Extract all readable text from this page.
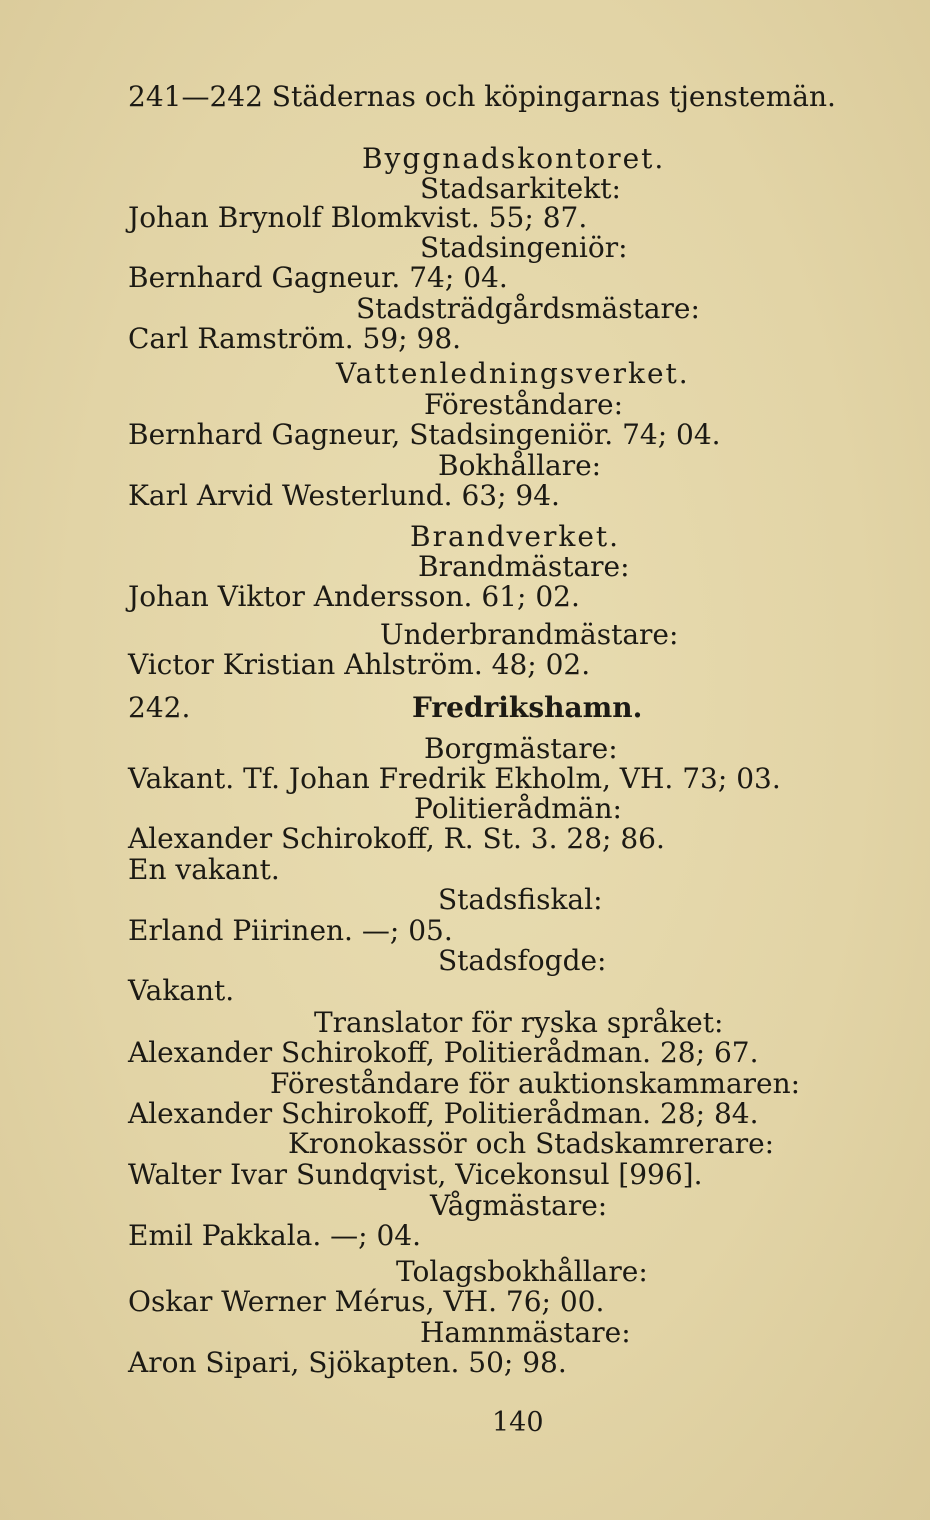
241—242 Städernas och köpingarnas tjenstemän.
Byggnadskontoret.
Stadsarkitekt:
Johan Brynolf Blomkvist. 55; 87.
Stadsingeniör:
Bernhard Gagneur. 74; 04.
Stadsträdgårdsmästare:
Carl Ramström. 59; 98.
Vattenledningsverket.
Föreståndare:
Bernhard Gagneur, Stadsingeniör. 74; 04.
Bokhållare:
Karl Arvid Westerlund. 63; 94.
Brandverket.
Brandmästare:
Johan Viktor Andersson. 61; 02.
Underbrandmästare:
Victor Kristian Ahlström. 48; 02.
242.	Fredrikshamn.
Borgmästare:
Vakant. Tf. Johan Fredrik Ekholm, VH. 73; 03.
Politierådmän:
Alexander Schirokoff, R. St. 3. 28; 86.
En vakant.
Stadsfiskal:
Erland Piirinen. —; 05.
Stadsfogde:
Vakant.
Translator för ryska språket:
Alexander Schirokoff, Politierådman. 28; 67.
Föreståndare för auktionskammaren:
Alexander Schirokoff, Politierådman. 28; 84.
Kronokassör och Stadskamrerare:
Walter Ivar Sundqvist, Vicekonsul [996].
Vågmästare:
Emil Pakkala. —; 04.
Tolagsbokhållare:
Oskar Werner Mérus, VH. 76; 00.
Hamnmästare:
Aron Sipari, Sjökapten. 50; 98.
140
